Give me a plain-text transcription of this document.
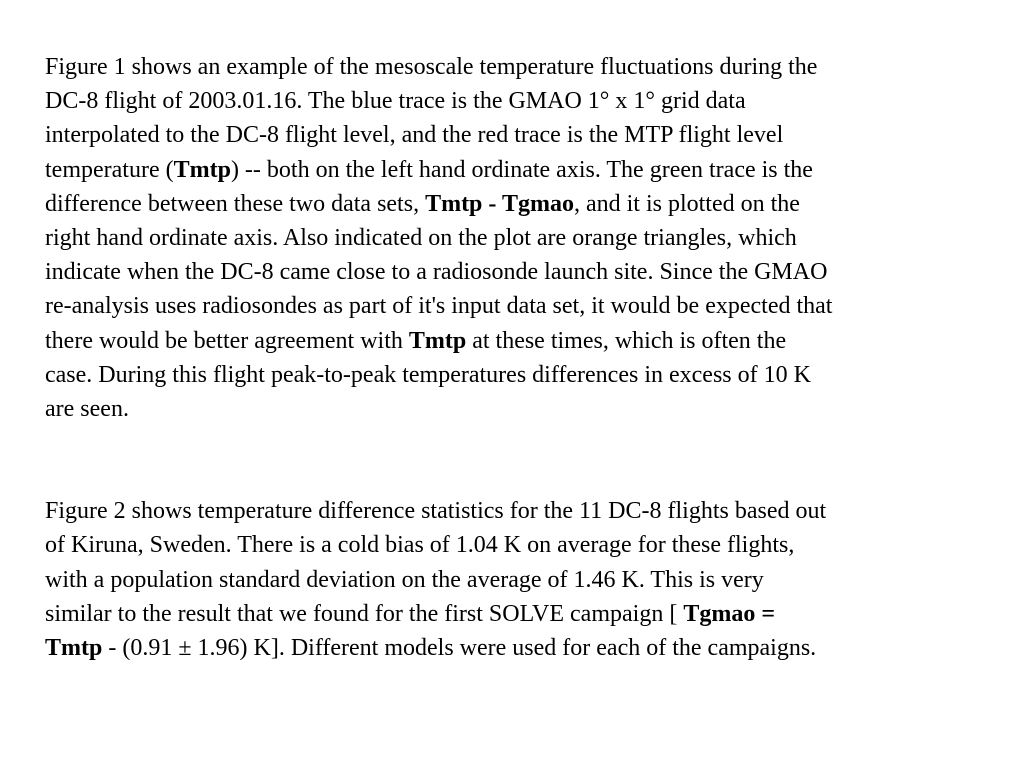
Figure 1 shows an example of the mesoscale temperature fluctuations during the
DC-8 flight of 2003.01.16. The blue trace is the GMAO 1° x 1° grid data
interpolated to the DC-8 flight level, and the red trace is the MTP flight level
temperature (Tmtp) -- both on the left hand ordinate axis. The green trace is the
difference between these two data sets, Tmtp - Tgmao, and it is plotted on the
right hand ordinate axis. Also indicated on the plot are orange triangles, which
indicate when the DC-8 came close to a radiosonde launch site. Since the GMAO
re-analysis uses radiosondes as part of it's input data set, it would be expected that
there would be better agreement with Tmtp at these times, which is often the
case. During this flight peak-to-peak temperatures differences in excess of 10 K
are seen.

Figure 2 shows temperature difference statistics for the 11 DC-8 flights based out
of Kiruna, Sweden. There is a cold bias of 1.04 K on average for these flights,
with a population standard deviation on the average of 1.46 K. This is very
similar to the result that we found for the first SOLVE campaign [ Tgmao =
Tmtp - (0.91 ± 1.96) K]. Different models were used for each of the campaigns.
